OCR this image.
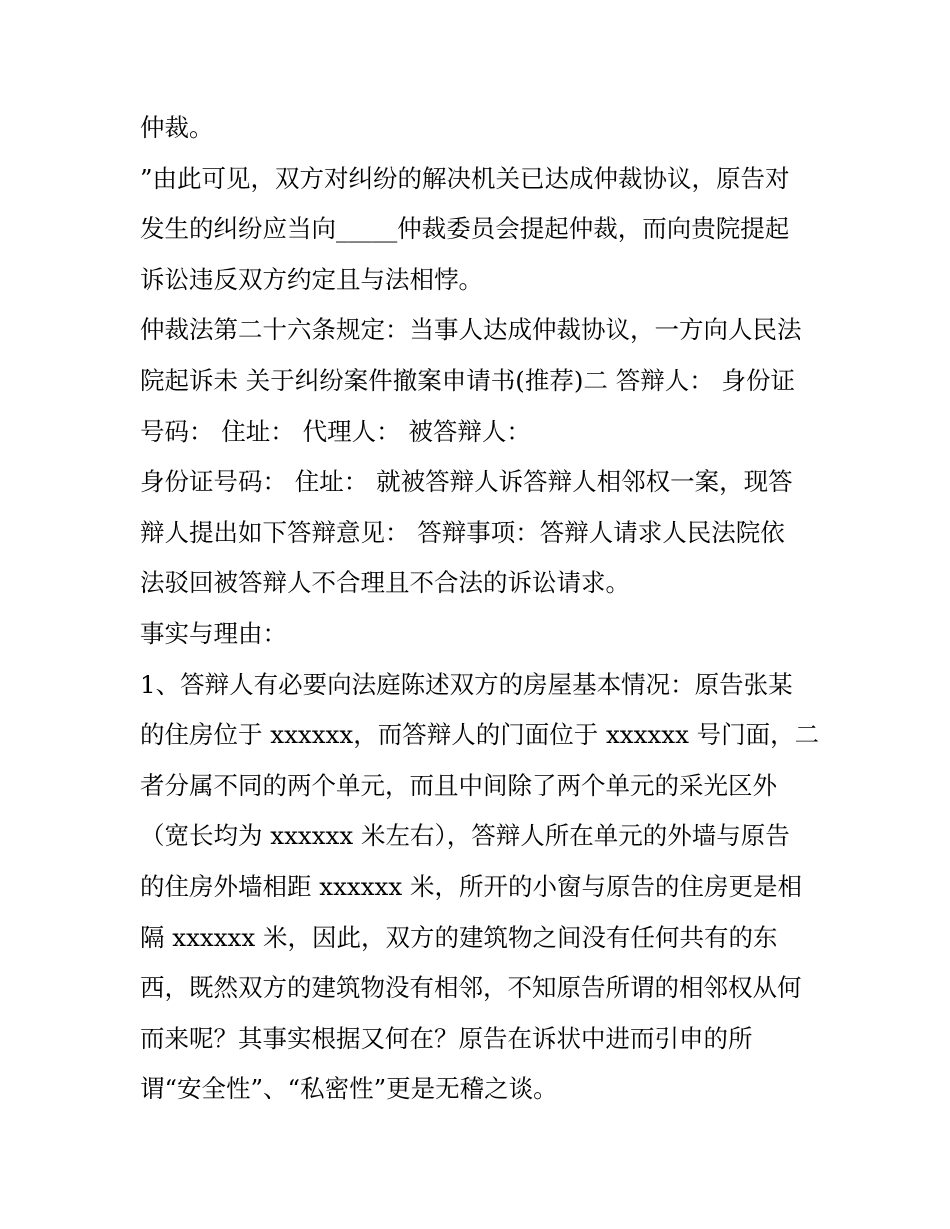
仲裁。
”由此可见，双方对纠纷的解决机关已达成仲裁协议，原告对
发生的纠纷应当向_____仲裁委员会提起仲裁，而向贵院提起
诉讼违反双方约定且与法相悖。
仲裁法第二十六条规定：当事人达成仲裁协议，一方向人民法
院起诉未 关于纠纷案件撤案申请书(推荐)二 答辩人： 身份证
号码： 住址： 代理人： 被答辩人：
身份证号码： 住址： 就被答辩人诉答辩人相邻权一案，现答
辩人提出如下答辩意见： 答辩事项：答辩人请求人民法院依
法驳回被答辩人不合理且不合法的诉讼请求。
事实与理由：
1、答辩人有必要向法庭陈述双方的房屋基本情况：原告张某
的住房位于 xxxxxx，而答辩人的门面位于 xxxxxx 号门面，二
者分属不同的两个单元，而且中间除了两个单元的采光区外
（宽长均为 xxxxxx 米左右），答辩人所在单元的外墙与原告
的住房外墙相距 xxxxxx 米，所开的小窗与原告的住房更是相
隔 xxxxxx 米，因此，双方的建筑物之间没有任何共有的东
西，既然双方的建筑物没有相邻，不知原告所谓的相邻权从何
而来呢？其事实根据又何在？原告在诉状中进而引申的所
谓“安全性”、“私密性”更是无稽之谈。
